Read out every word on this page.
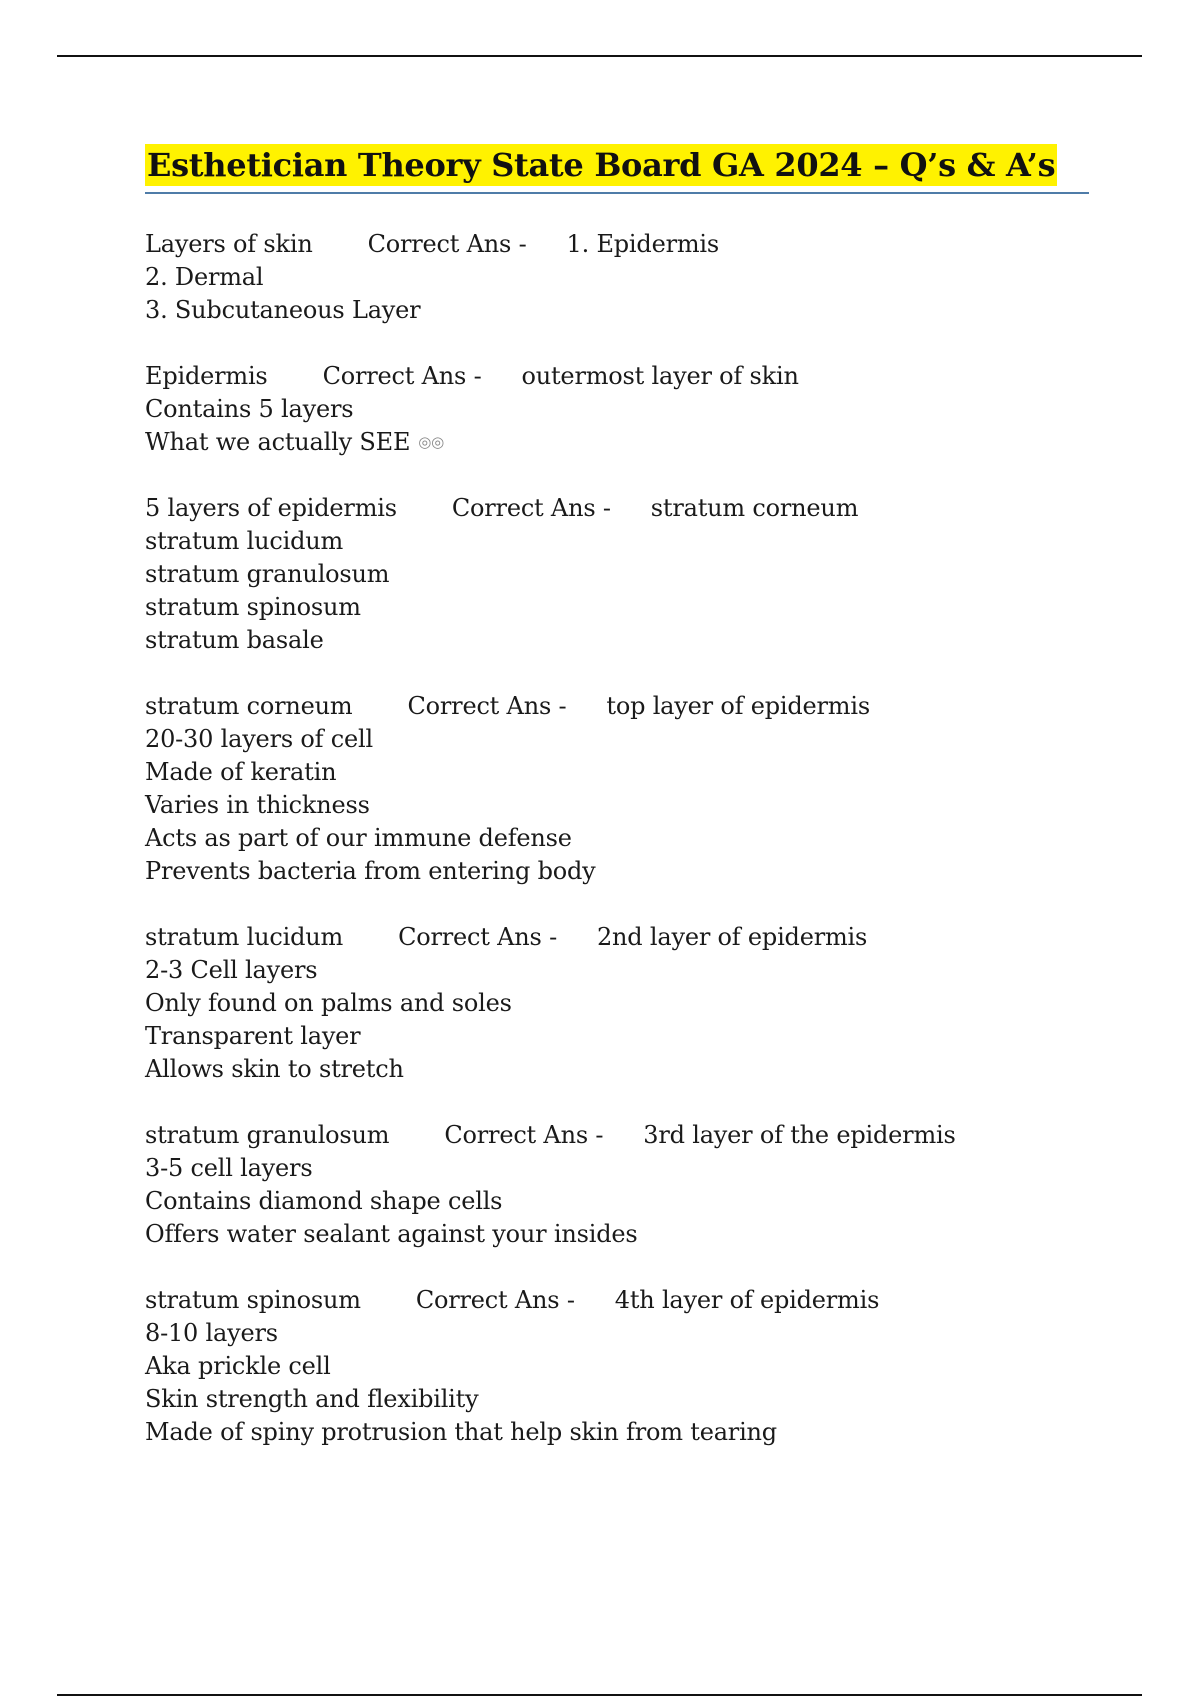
Esthetician Theory State Board GA 2024 – Q’s & A’s
Layers of skin Correct Ans - 1. Epidermis
2. Dermal
3. Subcutaneous Layer
Epidermis Correct Ans - outermost layer of skin
Contains 5 layers
What we actually SEE ◎◎
5 layers of epidermis Correct Ans - stratum corneum
stratum lucidum
stratum granulosum
stratum spinosum
stratum basale
stratum corneum Correct Ans - top layer of epidermis
20-30 layers of cell
Made of keratin
Varies in thickness
Acts as part of our immune defense
Prevents bacteria from entering body
stratum lucidum Correct Ans - 2nd layer of epidermis
2-3 Cell layers
Only found on palms and soles
Transparent layer
Allows skin to stretch
stratum granulosum Correct Ans - 3rd layer of the epidermis
3-5 cell layers
Contains diamond shape cells
Offers water sealant against your insides
stratum spinosum Correct Ans - 4th layer of epidermis
8-10 layers
Aka prickle cell
Skin strength and flexibility
Made of spiny protrusion that help skin from tearing
